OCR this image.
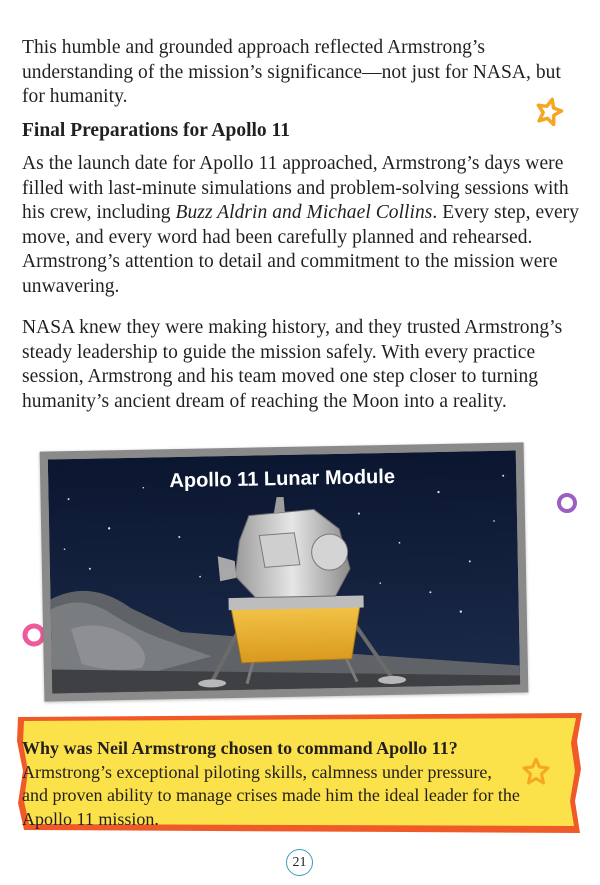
This humble and grounded approach reflected Armstrong’s understanding of the mission’s significance—not just for NASA, but for humanity.

Final Preparations for Apollo 11

As the launch date for Apollo 11 approached, Armstrong’s days were filled with last-minute simulations and problem-solving sessions with his crew, including Buzz Aldrin and Michael Collins. Every step, every move, and every word had been carefully planned and rehearsed. Armstrong’s attention to detail and commitment to the mission were unwavering.

NASA knew they were making history, and they trusted Armstrong’s steady leadership to guide the mission safely. With every practice session, Armstrong and his team moved one step closer to turning humanity’s ancient dream of reaching the Moon into a reality.

Apollo 11 Lunar Module
Why was Neil Armstrong chosen to command Apollo 11?
Armstrong’s exceptional piloting skills, calmness under pressure, and proven ability to manage crises made him the ideal leader for the Apollo 11 mission.
21
